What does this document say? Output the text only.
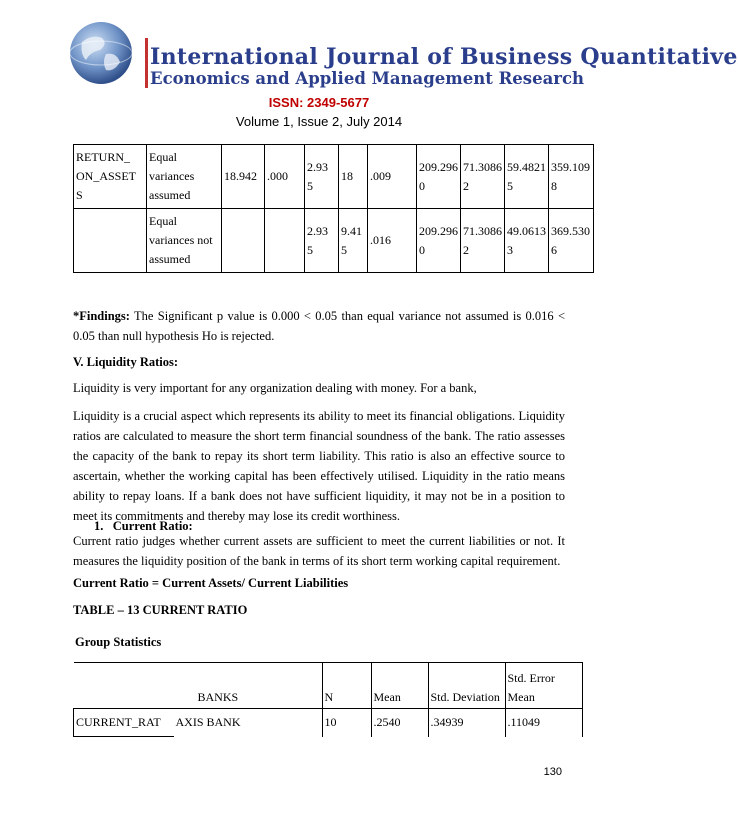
International Journal of Business Quantitative
Economics and Applied Management Research
ISSN: 2349-5677
Volume 1, Issue 2, July 2014
RETURN_ ON_ASSET S	Equal variances assumed	18.942	.000	2.93 5	18	.009	209.296 0	71.3086 2	59.4821 5	359.109 8
	Equal variances not assumed			2.93 5	9.41 5	.016	209.296 0	71.3086 2	49.0613 3	369.530 6
*Findings: The Significant p value is 0.000 < 0.05 than equal variance not assumed is 0.016 < 0.05 than null hypothesis Ho is rejected.
V. Liquidity Ratios:
Liquidity is very important for any organization dealing with money. For a bank,
Liquidity is a crucial aspect which represents its ability to meet its financial obligations. Liquidity ratios are calculated to measure the short term financial soundness of the bank. The ratio assesses the capacity of the bank to repay its short term liability. This ratio is also an effective source to ascertain, whether the working capital has been effectively utilised. Liquidity in the ratio means ability to repay loans. If a bank does not have sufficient liquidity, it may not be in a position to meet its commitments and thereby may lose its credit worthiness.
1.   Current Ratio:
Current ratio judges whether current assets are sufficient to meet the current liabilities or not. It measures the liquidity position of the bank in terms of its short term working capital requirement.
Current Ratio = Current Assets/ Current Liabilities
TABLE – 13 CURRENT RATIO
Group Statistics
	BANKS	N	Mean	Std. Deviation	Std. Error Mean
CURRENT_RAT	AXIS BANK	10	.2540	.34939	.11049
130
